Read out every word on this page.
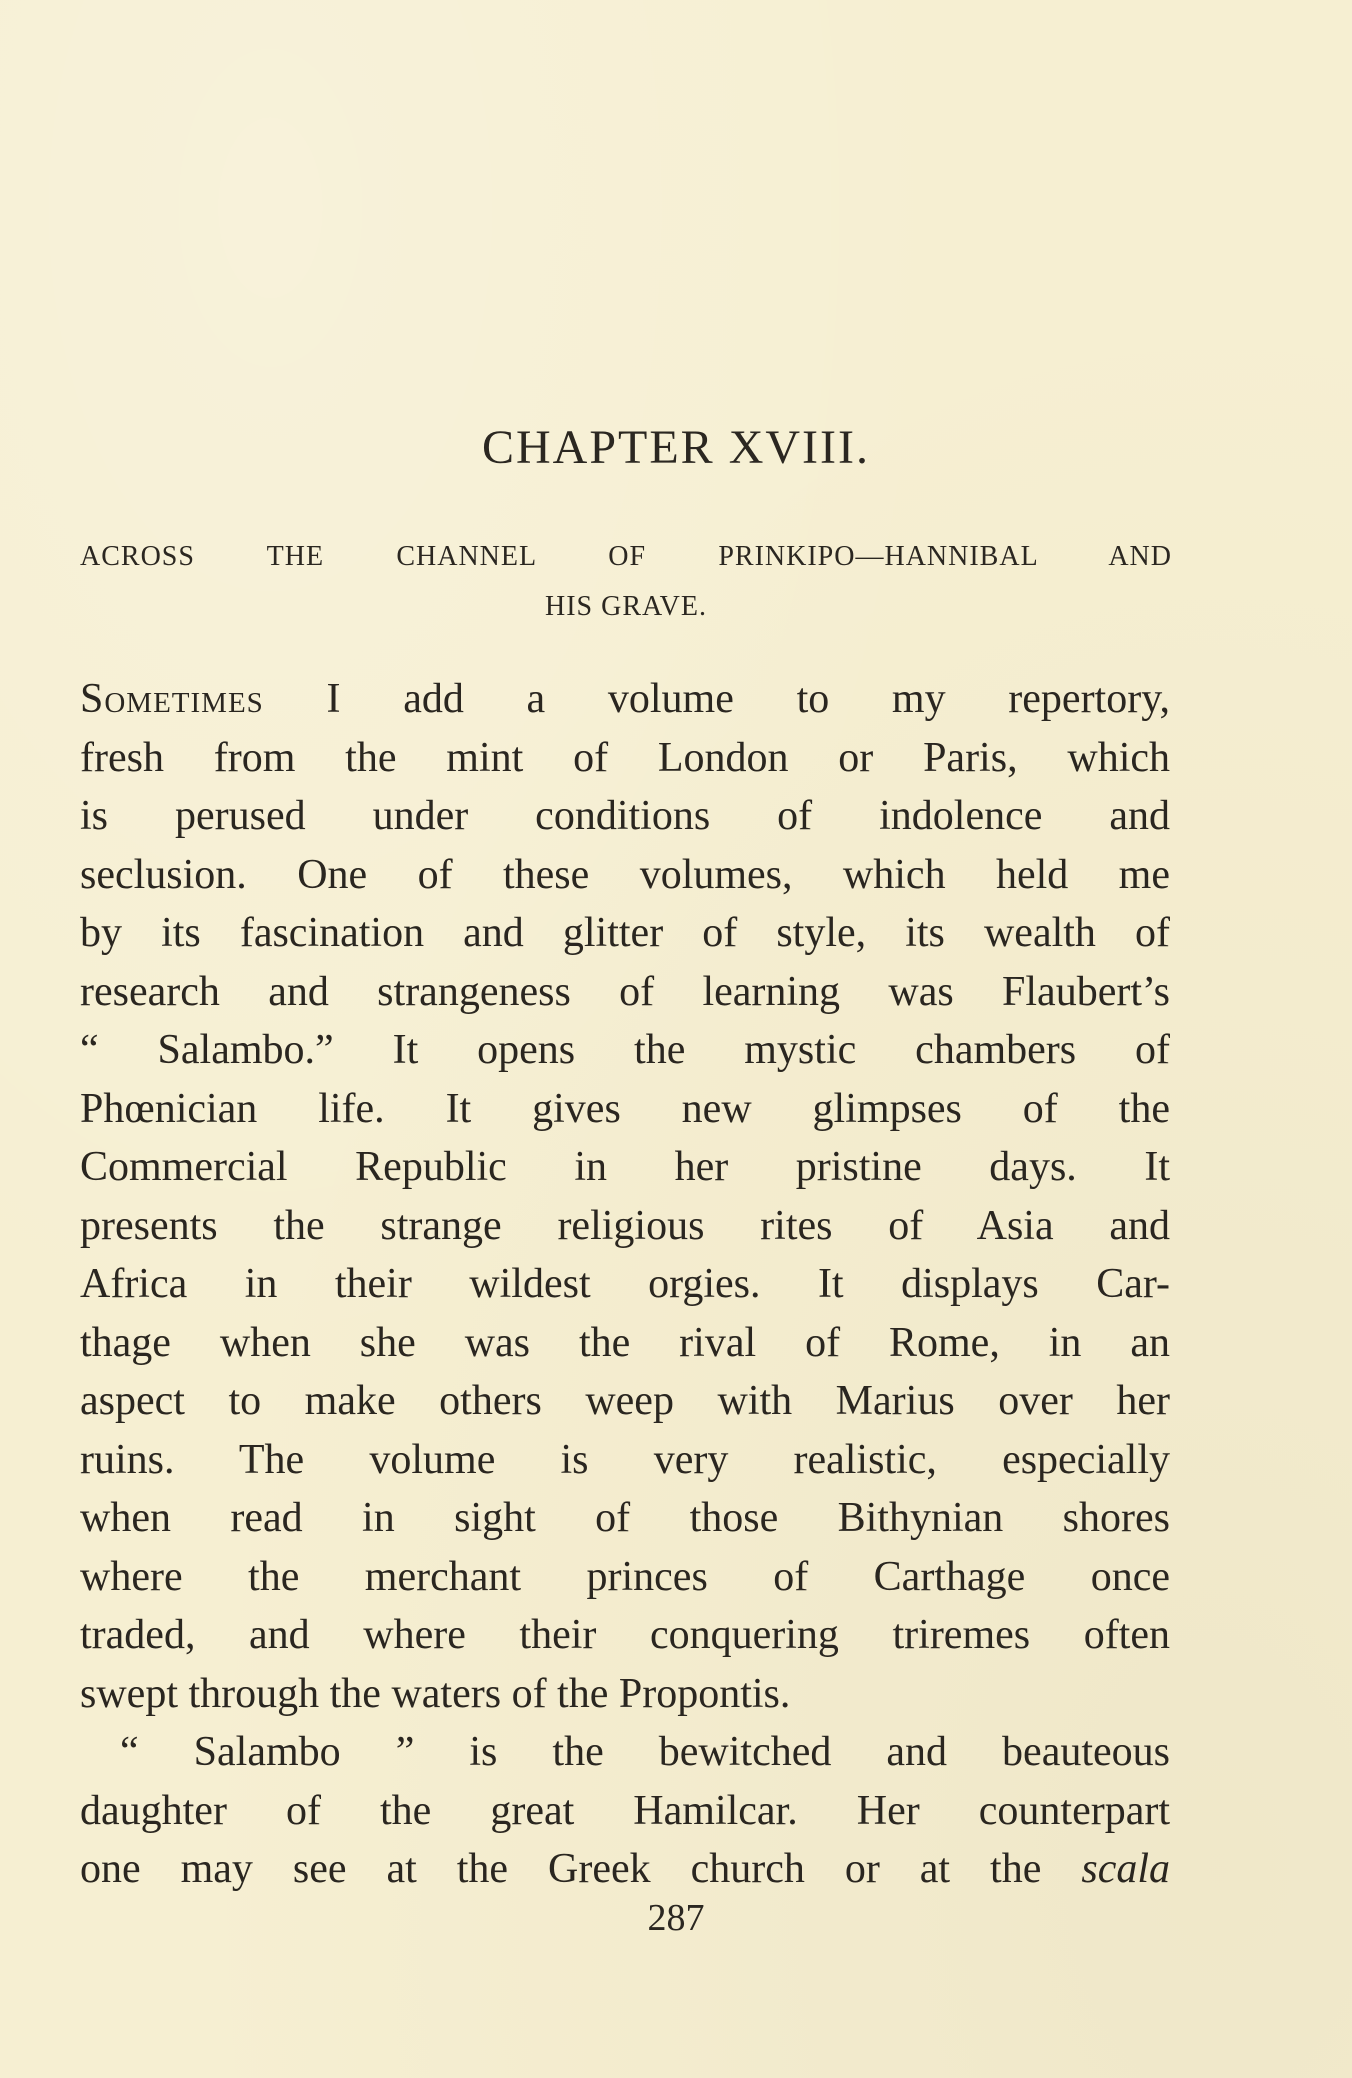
CHAPTER XVIII.
ACROSS THE CHANNEL OF PRINKIPO—HANNIBAL AND
HIS GRAVE.
Sometimes I add a volume to my repertory,
fresh from the mint of London or Paris, which
is perused under conditions of indolence and
seclusion. One of these volumes, which held me
by its fascination and glitter of style, its wealth of
research and strangeness of learning was Flaubert’s
“ Salambo.” It opens the mystic chambers of
Phœnician life. It gives new glimpses of the
Commercial Republic in her pristine days. It
presents the strange religious rites of Asia and
Africa in their wildest orgies. It displays Car-
thage when she was the rival of Rome, in an
aspect to make others weep with Marius over her
ruins. The volume is very realistic, especially
when read in sight of those Bithynian shores
where the merchant princes of Carthage once
traded, and where their conquering triremes often
swept through the waters of the Propontis.
“ Salambo ” is the bewitched and beauteous
daughter of the great Hamilcar. Her counterpart
one may see at the Greek church or at the scala
287
